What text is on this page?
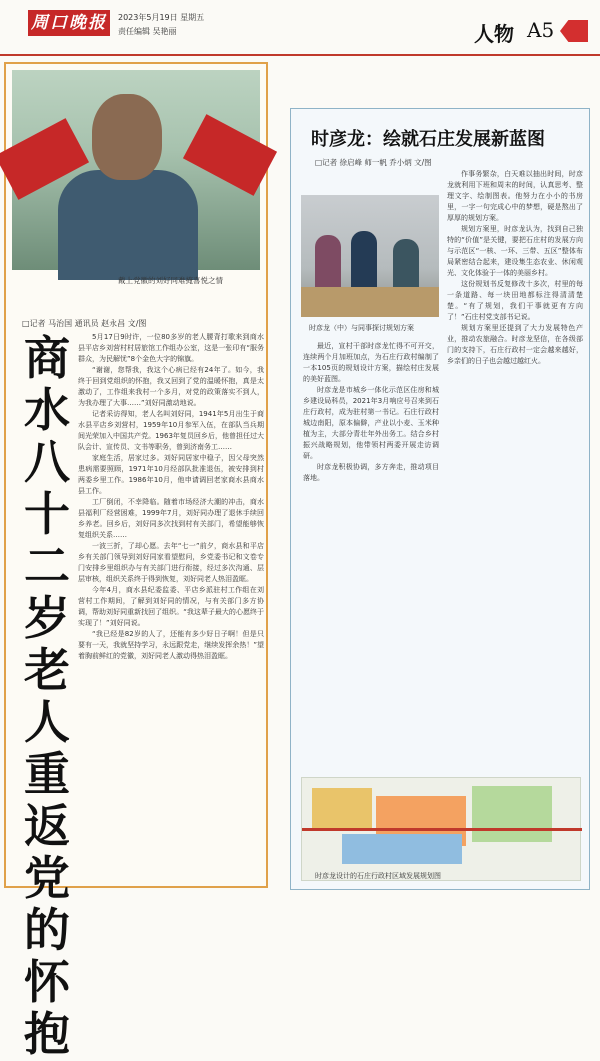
周口晚报	2023年5月19日 星期五
责任编辑 吴艳丽	人物 A5
戴上党徽的刘好同难掩喜悦之情
□记者 马治国 通讯员 赵永昌 文/图
商
水
八
十
二
岁
老
人
重
返
党
的
怀
抱

5月17日9时许，一位80多岁的老人腰背打歌来到商水县平店乡刘营村村居旅馆工作组办公室，这是一张印有“服务群众，为民解忧”8个金色大字的锦旗。

“谢谢，您帮我，我这个心病已经有24年了。如今，我终于回到党组织的怀抱，我又回到了党的温暖怀抱，真是太激动了，工作组来我村一个多月，对党的政策落实不到人，为我办理了大事……”刘好同激动地说。

记者采访得知，老人名叫刘好同，1941年5月出生于商水县平店乡刘营村，1959年10月参军入伍，在部队当兵期间光荣加入中国共产党。1963年复员回乡后，他曾担任过大队会计、宣传员、文书等职务，曾到济南务工……

家庭生活，居家过多。刘好同居家中稳子，因父母突然患病需要照顾，1971年10月经部队批准退伍，被安排到村两委乡里工作。1986年10月，他申请调回老家商水县商水县工作。

工厂倒闭，不幸降临。随着市场经济大潮的冲击，商水县福利厂经营困难，1999年7月，刘好同办理了退休手续回乡养老。回乡后，刘好同多次找到村有关部门，希望能够恢复组织关系……

一波三折，了却心愿。去年“七一”前夕，商水县和平店乡有关部门领导到刘好同家看望慰问，乡党委书记和文卷专门安排乡里组织办与有关部门进行衔接，经过多次沟通、层层审核，组织关系终于得到恢复，刘好同老人热泪盈眶。

今年4月，商水县纪委监委、平店乡派驻村工作组在刘营村工作期间，了解到刘好同的情况，与有关部门多方协调，帮助刘好同重新找回了组织。“我这辈子最大的心愿终于实现了！”刘好同说。

“我已经是82岁的人了，还能有多少好日子啊！但是只要有一天，我就坚持学习，永远跟党走，继续发挥余热！”望着胸前鲜红的党徽，刘好同老人激动得热泪盈眶。

时彦龙：绘就石庄发展新蓝图
□记者 徐启峰 师一帆 乔小炳 文/图
时彦龙（中）与同事探讨规划方案

最近，宣村干部时彦龙忙得不可开交，连续两个月加班加点，为石庄行政村编制了一本105页的规划设计方案，描绘村庄发展的美好蓝图。

时彦龙是市城乡一体化示范区住房和城乡建设局科员，2021年3月响应号召来到石庄行政村，成为驻村第一书记。石庄行政村城边南阳，原本偏僻，产业以小麦、玉米种植为主，大部分青壮年外出务工。结合乡村振兴战略规划，他带领村两委开展走访调研。

时彦龙积极协调，多方奔走，推动项目落地。

作事务繁杂，白天难以抽出时间，时彦龙就利用下班和周末的时间，认真思考、整理文字、绘制图表。他努力在小小的书房里，一字一句完成心中的梦想，硬是熬出了厚厚的规划方案。

规划方案里，时彦龙认为，找到自己独特的“价值”是关键，要把石庄村的发展方向与示范区“一核、一环、三带、五区”整体布局紧密结合起来，建设集生态农业、休闲观光、文化体验于一体的美丽乡村。

这份规划书反复修改十多次，村里的每一条道路、每一块田地都标注得清清楚楚。“有了规划，我们干事就更有方向了！”石庄村党支部书记说。

规划方案里还提到了大力发展特色产业，推动农旅融合。时彦龙坚信，在各级部门的支持下，石庄行政村一定会越来越好，乡亲们的日子也会越过越红火。

时彦龙设计的石庄行政村区域发展规划图
